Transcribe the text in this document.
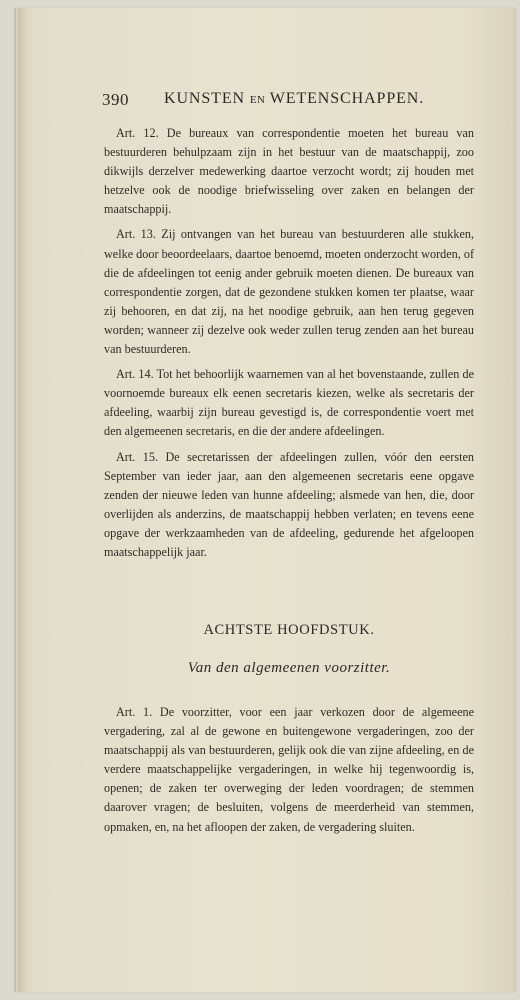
390 KUNSTEN EN WETENSCHAPPEN.

Art. 12. De bureaux van correspondentie moeten het bureau van bestuurderen behulpzaam zijn in het bestuur van de maatschappij, zoo dikwijls derzelver medewerking daartoe verzocht wordt; zij houden met hetzelve ook de noodige briefwisseling over zaken en belangen der maatschappij.

Art. 13. Zij ontvangen van het bureau van bestuurderen alle stukken, welke door beoordeelaars, daartoe benoemd, moeten onderzocht worden, of die de afdeelingen tot eenig ander gebruik moeten dienen. De bureaux van correspondentie zorgen, dat de gezondene stukken komen ter plaatse, waar zij behooren, en dat zij, na het noodige gebruik, aan hen terug gegeven worden; wanneer zij dezelve ook weder zullen terug zenden aan het bureau van bestuurderen.

Art. 14. Tot het behoorlijk waarnemen van al het bovenstaande, zullen de voornoemde bureaux elk eenen secretaris kiezen, welke als secretaris der afdeeling, waarbij zijn bureau gevestigd is, de correspondentie voert met den algemeenen secretaris, en die der andere afdeelingen.

Art. 15. De secretarissen der afdeelingen zullen, vóór den eersten September van ieder jaar, aan den algemeenen secretaris eene opgave zenden der nieuwe leden van hunne afdeeling; alsmede van hen, die, door overlijden als anderzins, de maatschappij hebben verlaten; en tevens eene opgave der werkzaamheden van de afdeeling, gedurende het afgeloopen maatschappelijk jaar.

ACHTSTE HOOFDSTUK.
Van den algemeenen voorzitter.

Art. 1. De voorzitter, voor een jaar verkozen door de algemeene vergadering, zal al de gewone en buitengewone vergaderingen, zoo der maatschappij als van bestuurderen, gelijk ook die van zijne afdeeling, en de verdere maatschappelijke vergaderingen, in welke hij tegenwoordig is, openen; de zaken ter overweging der leden voordragen; de stemmen daarover vragen; de besluiten, volgens de meerderheid van stemmen, opmaken, en, na het afloopen der zaken, de vergadering sluiten.
